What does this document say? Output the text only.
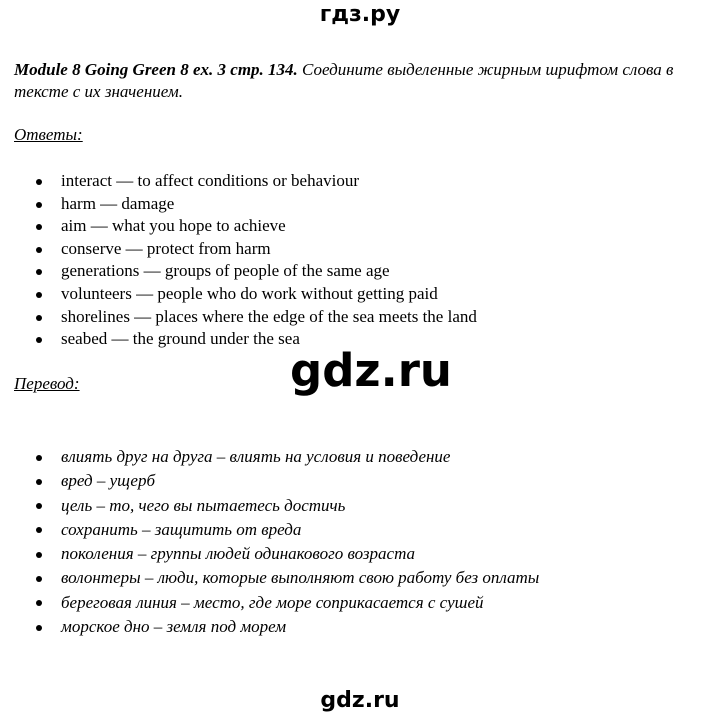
гдз.ру
Module 8 Going Green 8 ex. 3 стр. 134. Соедините выделенные жирным шрифтом слова в тексте с их значением.
Ответы:
interact — to affect conditions or behaviour
harm — damage
aim — what you hope to achieve
conserve — protect from harm
generations — groups of people of the same age
volunteers — people who do work without getting paid
shorelines — places where the edge of the sea meets the land
seabed — the ground under the sea
Перевод:	gdz.ru
влиять друг на друга – влиять на условия и поведение
вред – ущерб
цель – то, чего вы пытаетесь достичь
сохранить – защитить от вреда
поколения – группы людей одинакового возраста
волонтеры – люди, которые выполняют свою работу без оплаты
береговая линия – место, где море соприкасается с сушей
морское дно – земля под морем
gdz.ru
